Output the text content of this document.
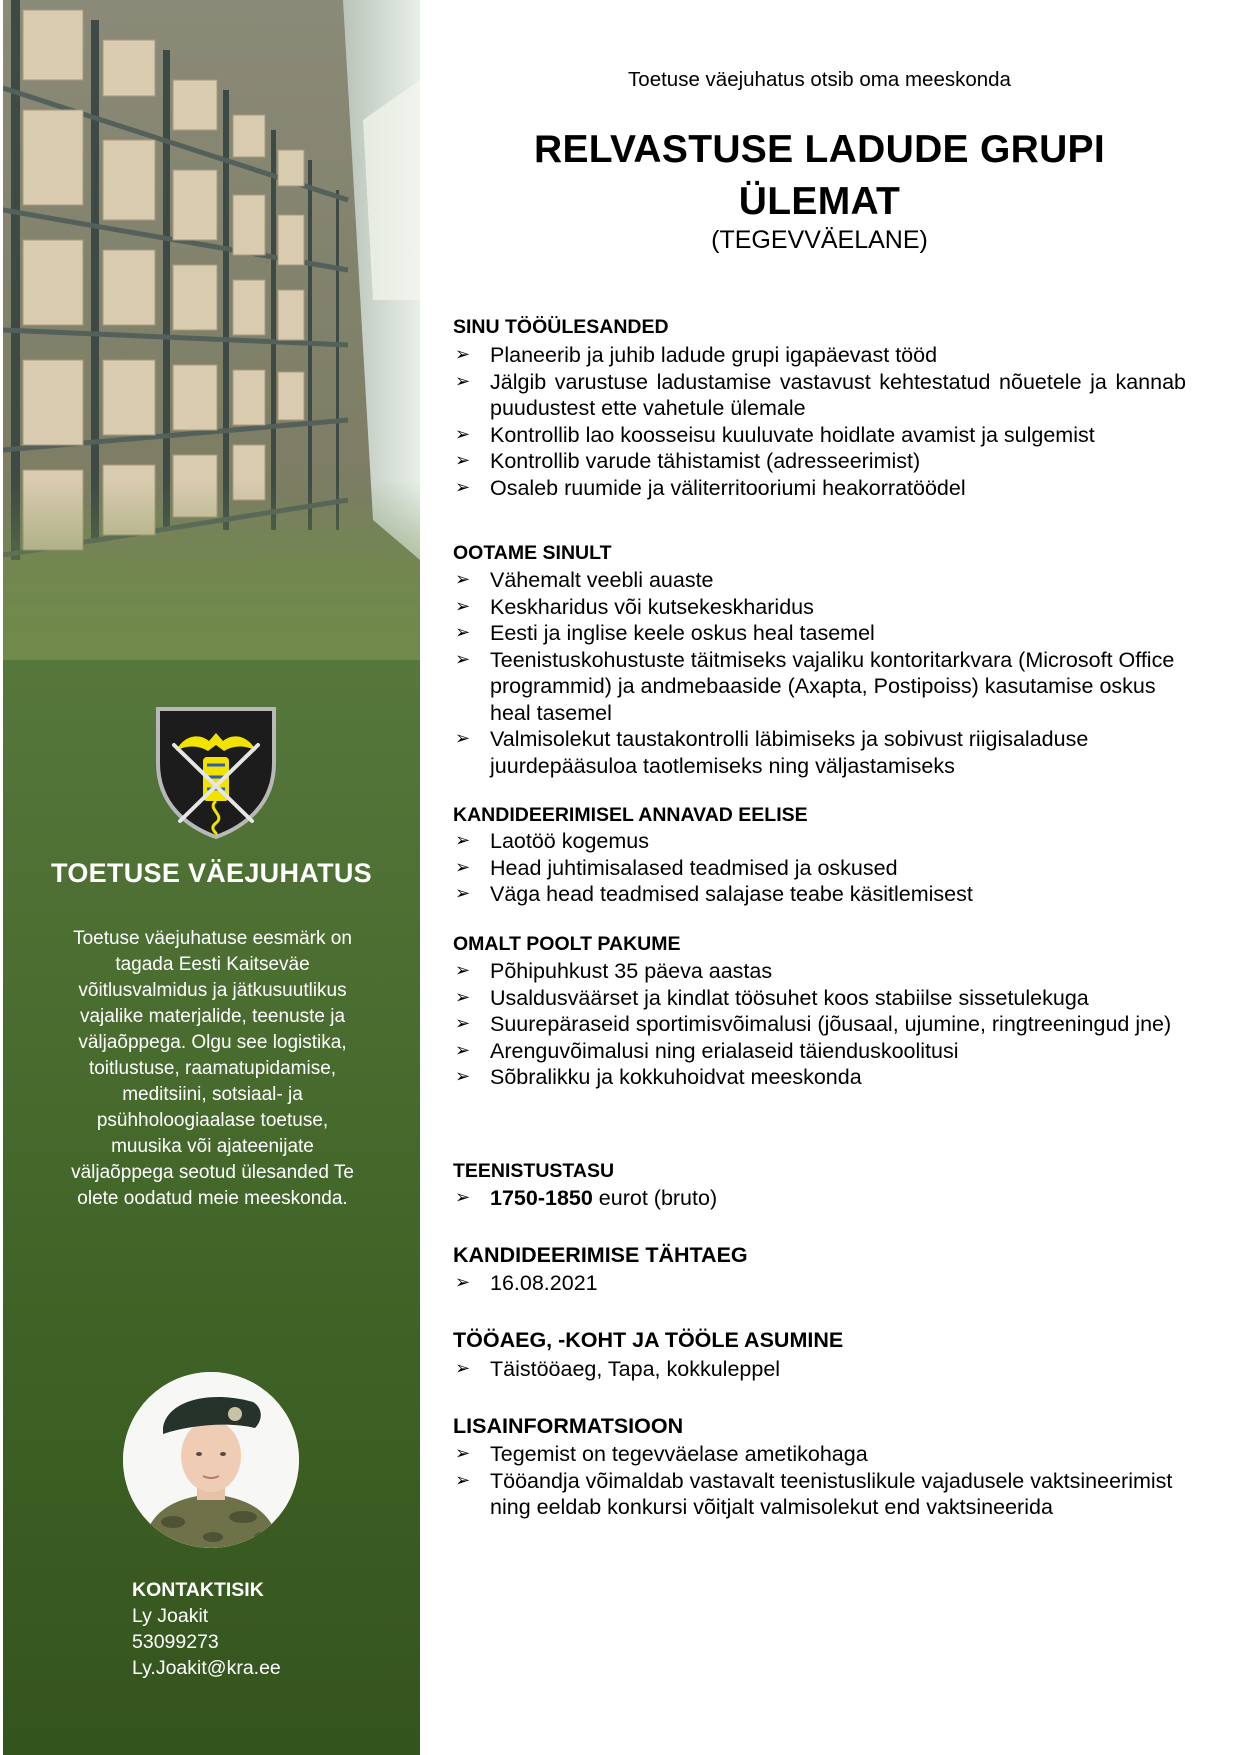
TOETUSE VÄEJUHATUS
Toetuse väejuhatuse eesmärk on tagada Eesti Kaitseväe võitlusvalmidus ja jätkusuutlikus vajalike materjalide, teenuste ja väljaõppega. Olgu see logistika, toitlustuse, raamatupidamise, meditsiini, sotsiaal- ja psühholoogiaalase toetuse, muusika või ajateenijate väljaõppega seotud ülesanded Te olete oodatud meie meeskonda.
KONTAKTISIK
Ly Joakit
53099273
Ly.Joakit@kra.ee
Toetuse väejuhatus otsib oma meeskonda
RELVASTUSE LADUDE GRUPI
ÜLEMAT
(TEGEVVÄELANE)
SINU TÖÖÜLESANDED
➢ Planeerib ja juhib ladude grupi igapäevast tööd
➢ Jälgib varustuse ladustamise vastavust kehtestatud nõuetele ja kannab puudustest ette vahetule ülemale
➢ Kontrollib lao koosseisu kuuluvate hoidlate avamist ja sulgemist
➢ Kontrollib varude tähistamist (adresseerimist)
➢ Osaleb ruumide ja väliterritooriumi heakorratöödel
OOTAME SINULT
➢ Vähemalt veebli auaste
➢ Keskharidus või kutsekeskharidus
➢ Eesti ja inglise keele oskus heal tasemel
➢ Teenistuskohustuste täitmiseks vajaliku kontoritarkvara (Microsoft Office programmid) ja andmebaaside (Axapta, Postipoiss) kasutamise oskus heal tasemel
➢ Valmisolekut taustakontrolli läbimiseks ja sobivust riigisaladuse juurdepääsuloa taotlemiseks ning väljastamiseks
KANDIDEERIMISEL ANNAVAD EELISE
➢ Laotöö kogemus
➢ Head juhtimisalased teadmised ja oskused
➢ Väga head teadmised salajase teabe käsitlemisest
OMALT POOLT PAKUME
➢ Põhipuhkust 35 päeva aastas
➢ Usaldusväärset ja kindlat töösuhet koos stabiilse sissetulekuga
➢ Suurepäraseid sportimisvõimalusi (jõusaal, ujumine, ringtreeningud jne)
➢ Arenguvõimalusi ning erialaseid täienduskoolitusi
➢ Sõbralikku ja kokkuhoidvat meeskonda
TEENISTUSTASU
➢ 1750-1850 eurot (bruto)
KANDIDEERIMISE TÄHTAEG
➢ 16.08.2021
TÖÖAEG, -KOHT JA TÖÖLE ASUMINE
➢ Täistööaeg, Tapa, kokkuleppel
LISAINFORMATSIOON
➢ Tegemist on tegevväelase ametikohaga
➢ Tööandja võimaldab vastavalt teenistuslikule vajadusele vaktsineerimist ning eeldab konkursi võitjalt valmisolekut end vaktsineerida
